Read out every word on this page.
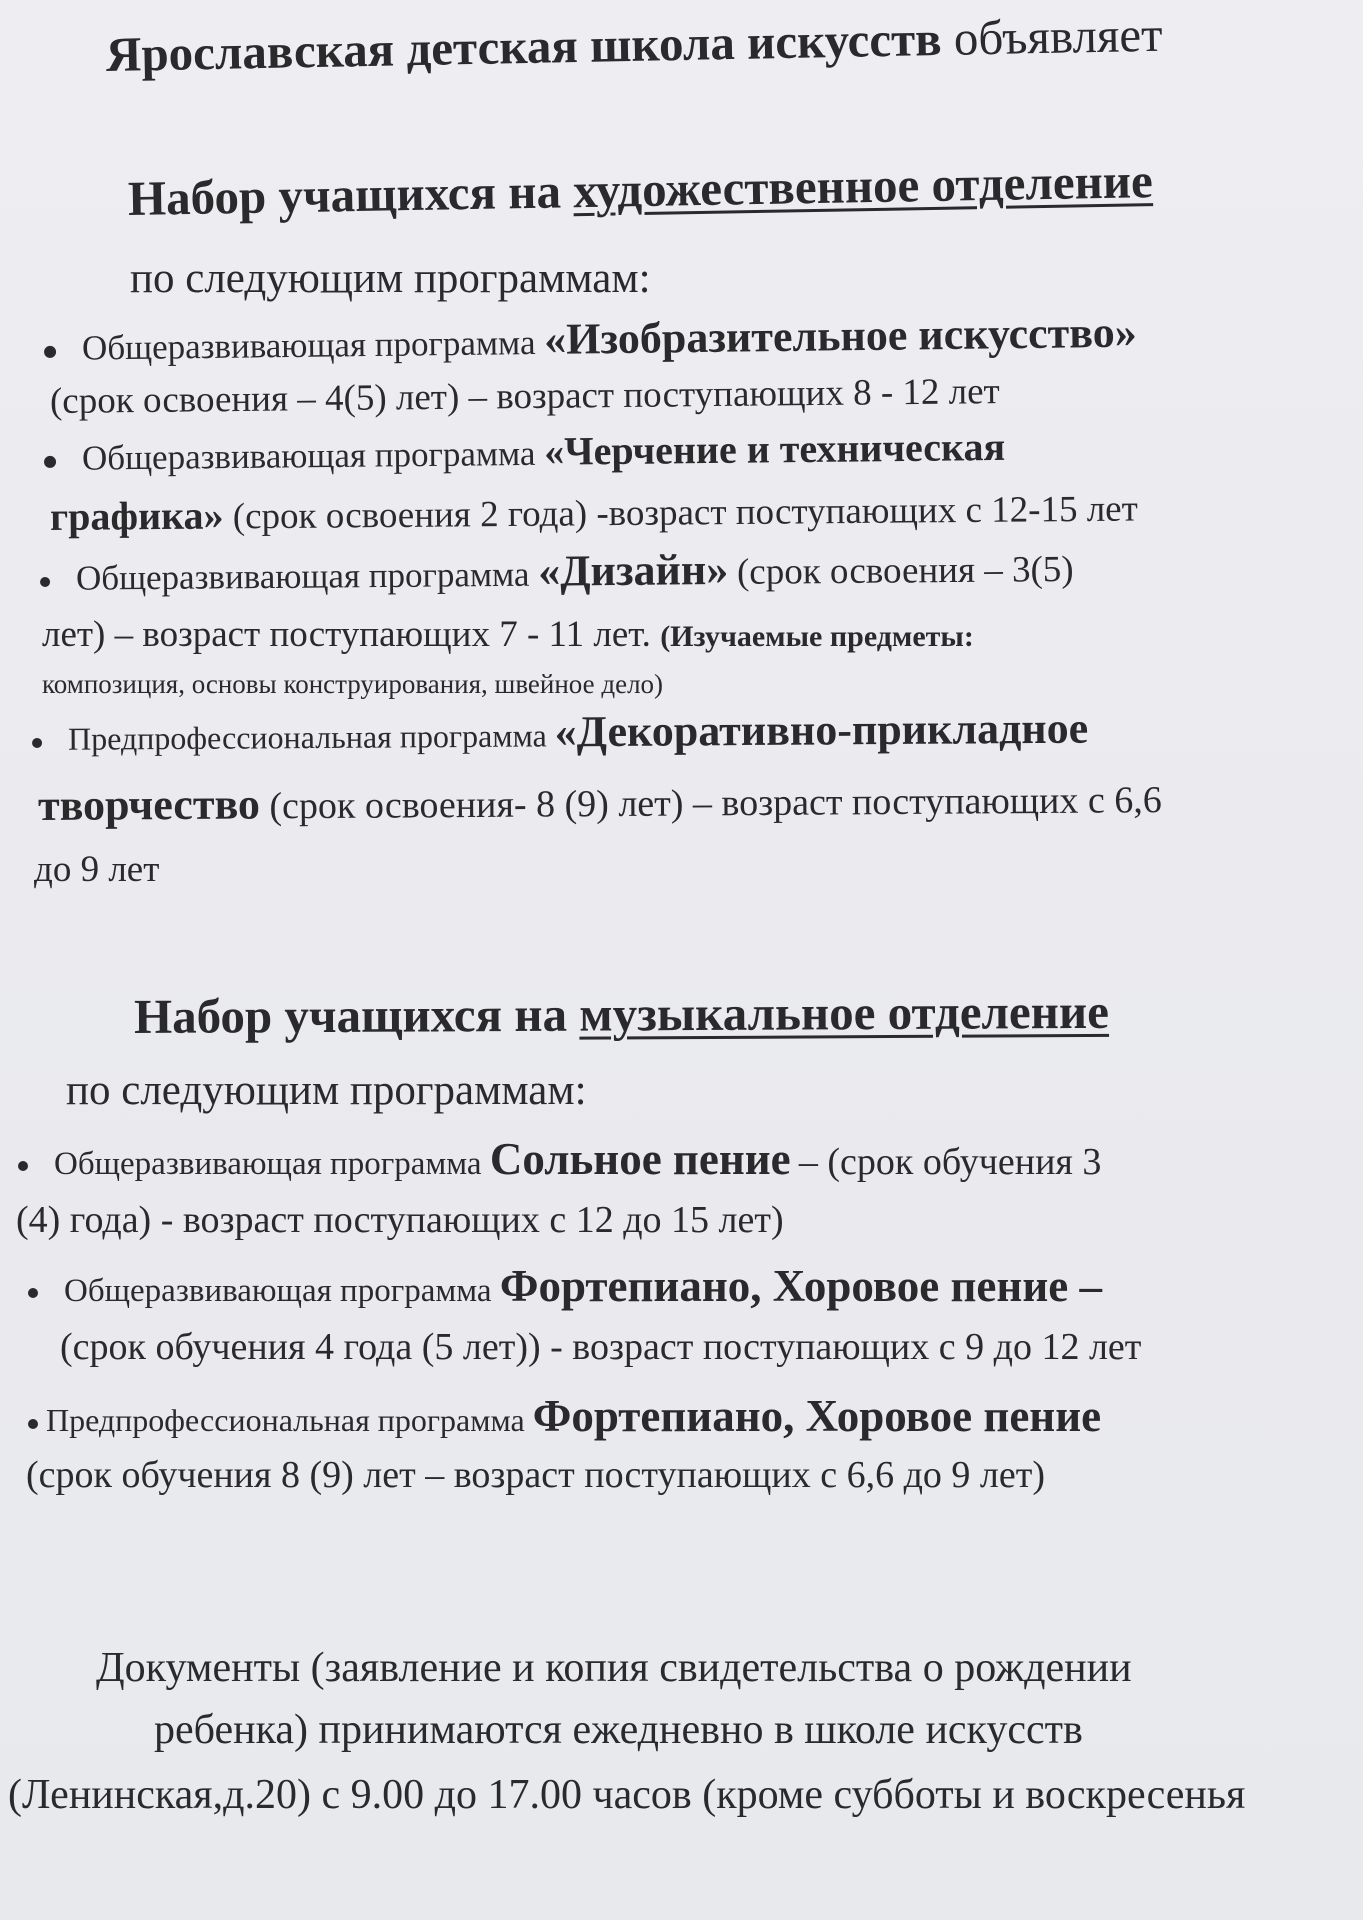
Ярославская детская школа искусств объявляет
Набор учащихся на художественное отделение
по следующим программам:
Общеразвивающая программа «Изобразительное искусство»
(срок освоения – 4(5) лет) – возраст поступающих 8 - 12 лет
Общеразвивающая программа «Черчение и техническая
графика» (срок освоения 2 года) -возраст поступающих с 12-15 лет
Общеразвивающая программа «Дизайн» (срок освоения – 3(5)
лет) – возраст поступающих 7 - 11 лет. (Изучаемые предметы:
композиция, основы конструирования, швейное дело)
Предпрофессиональная программа «Декоративно-прикладное
творчество (срок освоения- 8 (9) лет) – возраст поступающих с 6,6
до 9 лет
Набор учащихся на музыкальное отделение
по следующим программам:
Общеразвивающая программа Сольное пение – (срок обучения 3
(4) года) - возраст поступающих с 12 до 15 лет)
Общеразвивающая программа Фортепиано, Хоровое пение –
(срок обучения 4 года (5 лет)) - возраст поступающих с 9 до 12 лет
Предпрофессиональная программа Фортепиано, Хоровое пение
(срок обучения 8 (9) лет – возраст поступающих с 6,6 до 9 лет)
Документы (заявление и копия свидетельства о рождении
ребенка) принимаются ежедневно в школе искусств
(Ленинская,д.20) с 9.00 до 17.00 часов (кроме субботы и воскресенья
